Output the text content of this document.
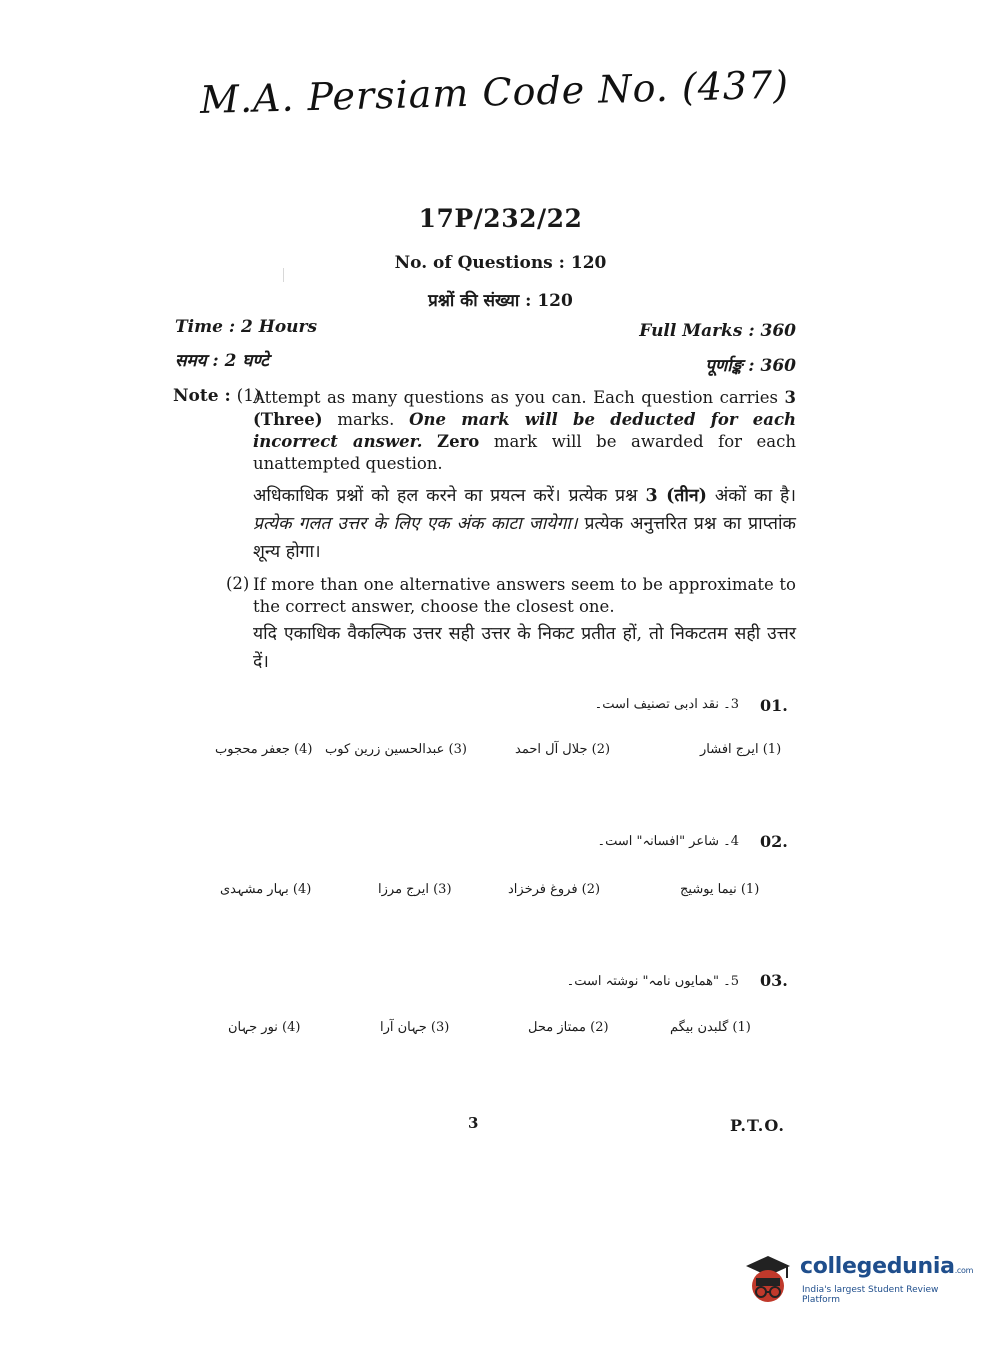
M.A. Persiam Code No. (437)
17P/232/22
No. of Questions : 120
प्रश्नों की संख्या : 120
Time : 2 Hours
समय : 2 घण्टे
Full Marks : 360
पूर्णाङ्क : 360
Note : (1)
Attempt as many questions as you can. Each question carries 3 (Three) marks. One mark will be deducted for each incorrect answer. Zero mark will be awarded for each unattempted question.
अधिकाधिक प्रश्नों को हल करने का प्रयत्न करें। प्रत्येक प्रश्न 3 (तीन) अंकों का है। प्रत्येक गलत उत्तर के लिए एक अंक काटा जायेगा। प्रत्येक अनुत्तरित प्रश्न का प्राप्तांक शून्य होगा।
(2) If more than one alternative answers seem to be approximate to the correct answer, choose the closest one.
यदि एकाधिक वैकल्पिक उत्तर सही उत्तर के निकट प्रतीत हों, तो निकटतम सही उत्तर दें।
01.
3۔ نقد ادبی تصنیف است۔
(1) ایرج افشار
(2) جلال آل احمد
(3) عبدالحسین زرین کوب
(4) جعفر محجوب
02.
4۔ شاعر "افسانہ" است۔
(1) نیما یوشیج
(2) فروغ فرخزاد
(3) ایرج مرزا
(4) بہار مشہدی
03.
5۔ "ھمایوں نامہ" نوشتہ است۔
(1) گلبدن بیگم
(2) ممتاز محل
(3) جہان آرا
(4) نور جہان
3	P.T.O.
collegedunia.com
India's largest Student Review Platform
